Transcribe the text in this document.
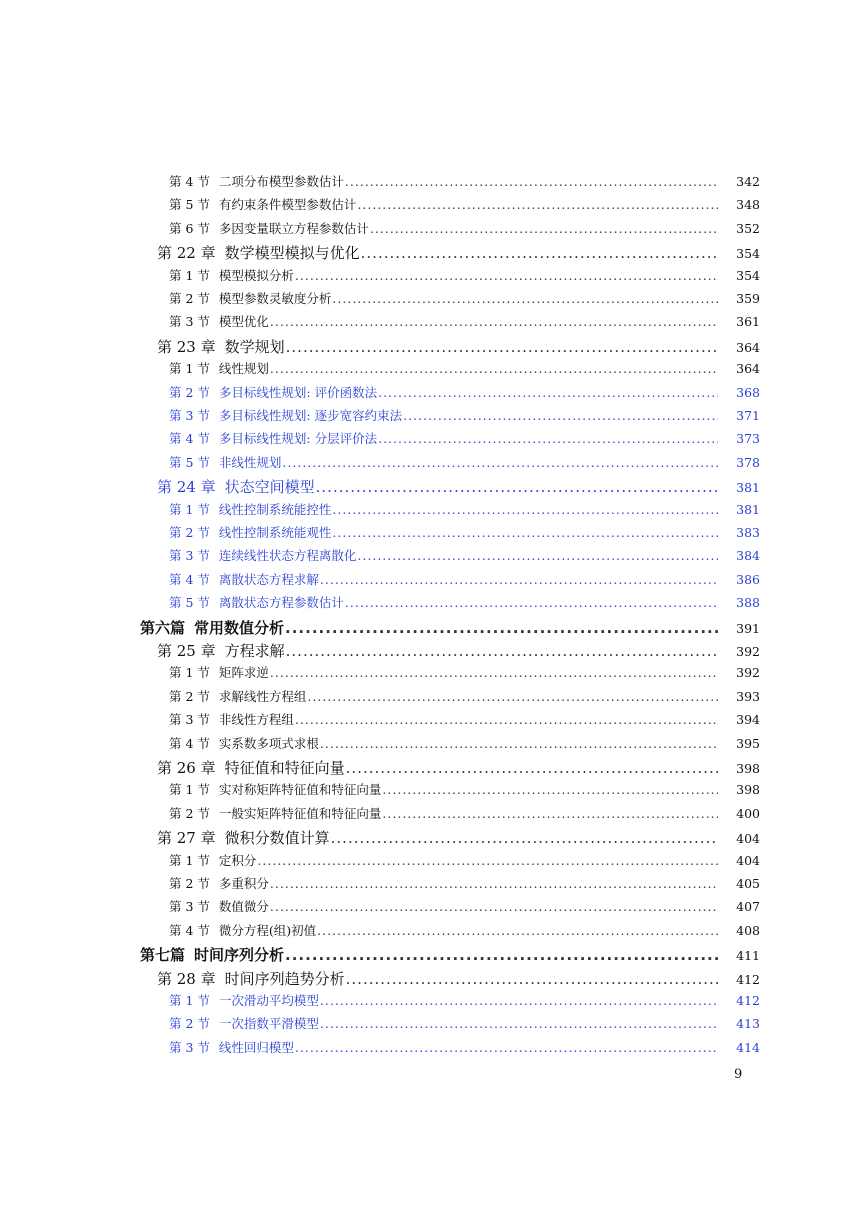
第 4 节 二项分布模型参数估计 .....	342
第 5 节 有约束条件模型参数估计 .....	348
第 6 节 多因变量联立方程参数估计 .....	352
第 22 章 数学模型模拟与优化 .....	354
第 1 节 模型模拟分析 .....	354
第 2 节 模型参数灵敏度分析 .....	359
第 3 节 模型优化 .....	361
第 23 章 数学规划 .....	364
第 1 节 线性规划 .....	364
第 2 节 多目标线性规划: 评价函数法 .....	368
第 3 节 多目标线性规划: 逐步宽容约束法 .....	371
第 4 节 多目标线性规划: 分层评价法 .....	373
第 5 节 非线性规划 .....	378
第 24 章 状态空间模型 .....	381
第 1 节 线性控制系统能控性 .....	381
第 2 节 线性控制系统能观性 .....	383
第 3 节 连续线性状态方程离散化 .....	384
第 4 节 离散状态方程求解 .....	386
第 5 节 离散状态方程参数估计 .....	388
第六篇 常用数值分析 .....	391
第 25 章 方程求解 .....	392
第 1 节 矩阵求逆 .....	392
第 2 节 求解线性方程组 .....	393
第 3 节 非线性方程组 .....	394
第 4 节 实系数多项式求根 .....	395
第 26 章 特征值和特征向量 .....	398
第 1 节 实对称矩阵特征值和特征向量 .....	398
第 2 节 一般实矩阵特征值和特征向量 .....	400
第 27 章 微积分数值计算 .....	404
第 1 节 定积分 .....	404
第 2 节 多重积分 .....	405
第 3 节 数值微分 .....	407
第 4 节 微分方程(组)初值 .....	408
第七篇 时间序列分析 .....	411
第 28 章 时间序列趋势分析 .....	412
第 1 节 一次滑动平均模型 .....	412
第 2 节 一次指数平滑模型 .....	413
第 3 节 线性回归模型 .....	414
9
